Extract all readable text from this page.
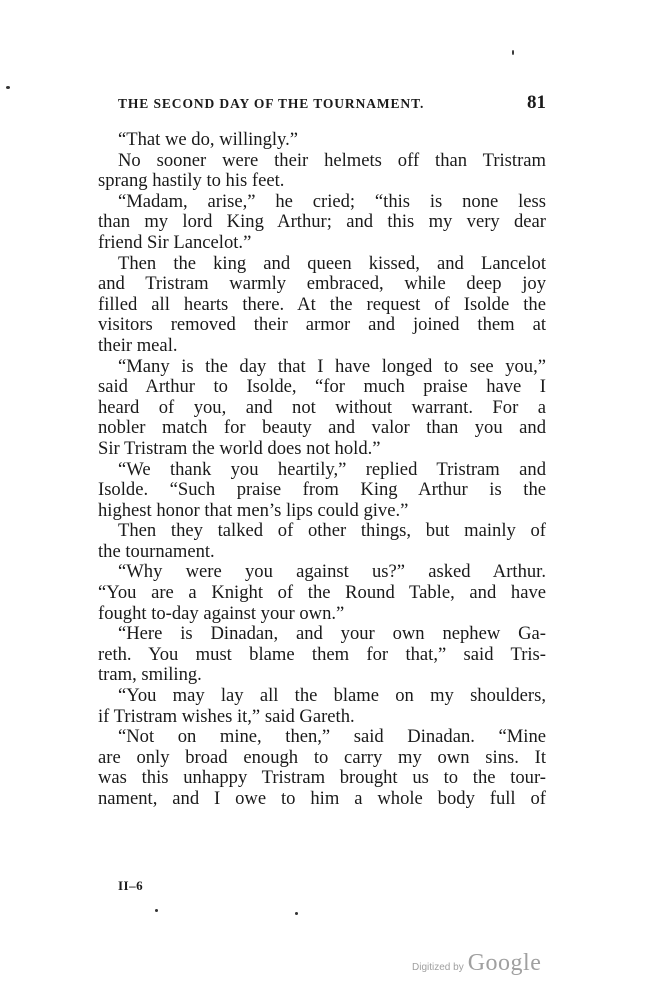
THE SECOND DAY OF THE TOURNAMENT.	81
“That we do, willingly.”
No sooner were their helmets off than Tristram
sprang hastily to his feet.
“Madam, arise,” he cried; “this is none less
than my lord King Arthur; and this my very dear
friend Sir Lancelot.”
Then the king and queen kissed, and Lancelot
and Tristram warmly embraced, while deep joy
filled all hearts there. At the request of Isolde the
visitors removed their armor and joined them at
their meal.
“Many is the day that I have longed to see you,”
said Arthur to Isolde, “for much praise have I
heard of you, and not without warrant. For a
nobler match for beauty and valor than you and
Sir Tristram the world does not hold.”
“We thank you heartily,” replied Tristram and
Isolde. “Such praise from King Arthur is the
highest honor that men’s lips could give.”
Then they talked of other things, but mainly of
the tournament.
“Why were you against us?” asked Arthur.
“You are a Knight of the Round Table, and have
fought to-day against your own.”
“Here is Dinadan, and your own nephew Ga-
reth. You must blame them for that,” said Tris-
tram, smiling.
“You may lay all the blame on my shoulders,
if Tristram wishes it,” said Gareth.
“Not on mine, then,” said Dinadan. “Mine
are only broad enough to carry my own sins. It
was this unhappy Tristram brought us to the tour-
nament, and I owe to him a whole body full of
II–6
Digitized by Google
